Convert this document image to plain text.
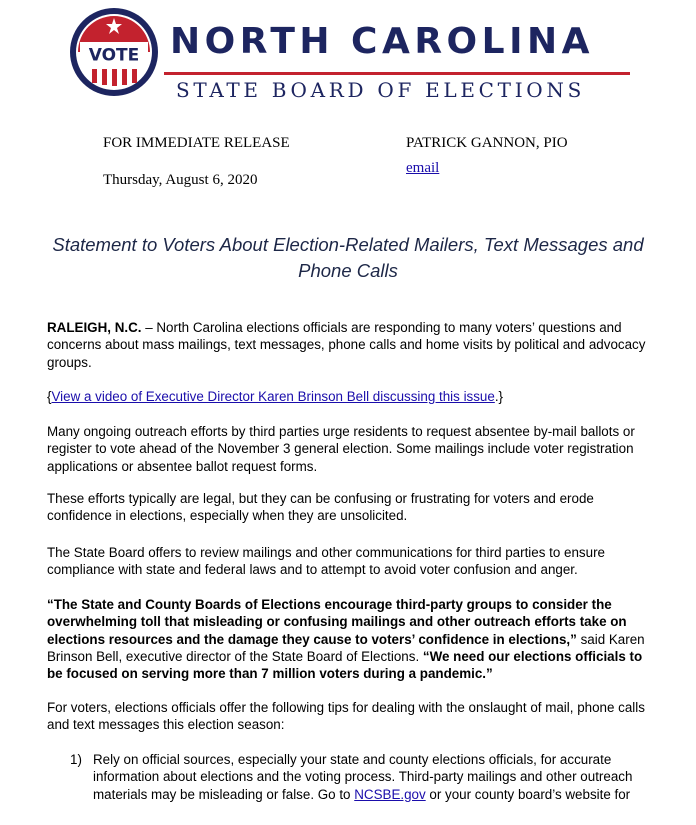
VOTE NORTH CAROLINA
STATE BOARD OF ELECTIONS
FOR IMMEDIATE RELEASE
Thursday, August 6, 2020
PATRICK GANNON, PIO
email
Statement to Voters About Election-Related Mailers, Text Messages and Phone Calls

RALEIGH, N.C. – North Carolina elections officials are responding to many voters’ questions and concerns about mass mailings, text messages, phone calls and home visits by political and advocacy groups.

{View a video of Executive Director Karen Brinson Bell discussing this issue.}

Many ongoing outreach efforts by third parties urge residents to request absentee by-mail ballots or register to vote ahead of the November 3 general election. Some mailings include voter registration applications or absentee ballot request forms.

These efforts typically are legal, but they can be confusing or frustrating for voters and erode confidence in elections, especially when they are unsolicited.

The State Board offers to review mailings and other communications for third parties to ensure compliance with state and federal laws and to attempt to avoid voter confusion and anger.

“The State and County Boards of Elections encourage third-party groups to consider the overwhelming toll that misleading or confusing mailings and other outreach efforts take on elections resources and the damage they cause to voters’ confidence in elections,” said Karen Brinson Bell, executive director of the State Board of Elections. “We need our elections officials to be focused on serving more than 7 million voters during a pandemic.”

For voters, elections officials offer the following tips for dealing with the onslaught of mail, phone calls and text messages this election season:

1) Rely on official sources, especially your state and county elections officials, for accurate information about elections and the voting process. Third-party mailings and other outreach materials may be misleading or false. Go to NCSBE.gov or your county board’s website for
